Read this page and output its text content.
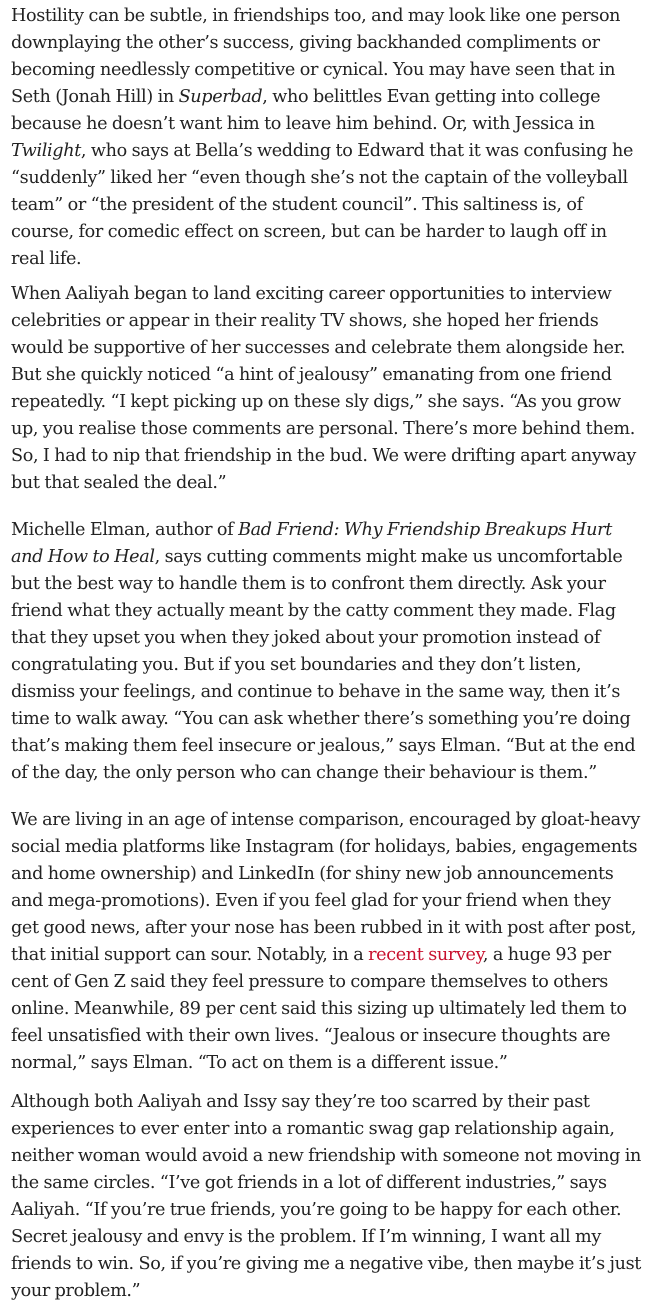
Hostility can be subtle, in friendships too, and may look like one person downplaying the other’s success, giving backhanded compliments or becoming needlessly competitive or cynical. You may have seen that in Seth (Jonah Hill) in Superbad, who belittles Evan getting into college because he doesn’t want him to leave him behind. Or, with Jessica in Twilight, who says at Bella’s wedding to Edward that it was confusing he “suddenly” liked her “even though she’s not the captain of the volleyball team” or “the president of the student council”. This saltiness is, of course, for comedic effect on screen, but can be harder to laugh off in real life.

When Aaliyah began to land exciting career opportunities to interview celebrities or appear in their reality TV shows, she hoped her friends would be supportive of her successes and celebrate them alongside her. But she quickly noticed “a hint of jealousy” emanating from one friend repeatedly. “I kept picking up on these sly digs,” she says. “As you grow up, you realise those comments are personal. There’s more behind them. So, I had to nip that friendship in the bud. We were drifting apart anyway but that sealed the deal.”

Michelle Elman, author of Bad Friend: Why Friendship Breakups Hurt and How to Heal, says cutting comments might make us uncomfortable but the best way to handle them is to confront them directly. Ask your friend what they actually meant by the catty comment they made. Flag that they upset you when they joked about your promotion instead of congratulating you. But if you set boundaries and they don’t listen, dismiss your feelings, and continue to behave in the same way, then it’s time to walk away. “You can ask whether there’s something you’re doing that’s making them feel insecure or jealous,” says Elman. “But at the end of the day, the only person who can change their behaviour is them.”

We are living in an age of intense comparison, encouraged by gloat-heavy social media platforms like Instagram (for holidays, babies, engagements and home ownership) and LinkedIn (for shiny new job announcements and mega-promotions). Even if you feel glad for your friend when they get good news, after your nose has been rubbed in it with post after post, that initial support can sour. Notably, in a recent survey, a huge 93 per cent of Gen Z said they feel pressure to compare themselves to others online. Meanwhile, 89 per cent said this sizing up ultimately led them to feel unsatisfied with their own lives. “Jealous or insecure thoughts are normal,” says Elman. “To act on them is a different issue.”

Although both Aaliyah and Issy say they’re too scarred by their past experiences to ever enter into a romantic swag gap relationship again, neither woman would avoid a new friendship with someone not moving in the same circles. “I’ve got friends in a lot of different industries,” says Aaliyah. “If you’re true friends, you’re going to be happy for each other. Secret jealousy and envy is the problem. If I’m winning, I want all my friends to win. So, if you’re giving me a negative vibe, then maybe it’s just your problem.”
